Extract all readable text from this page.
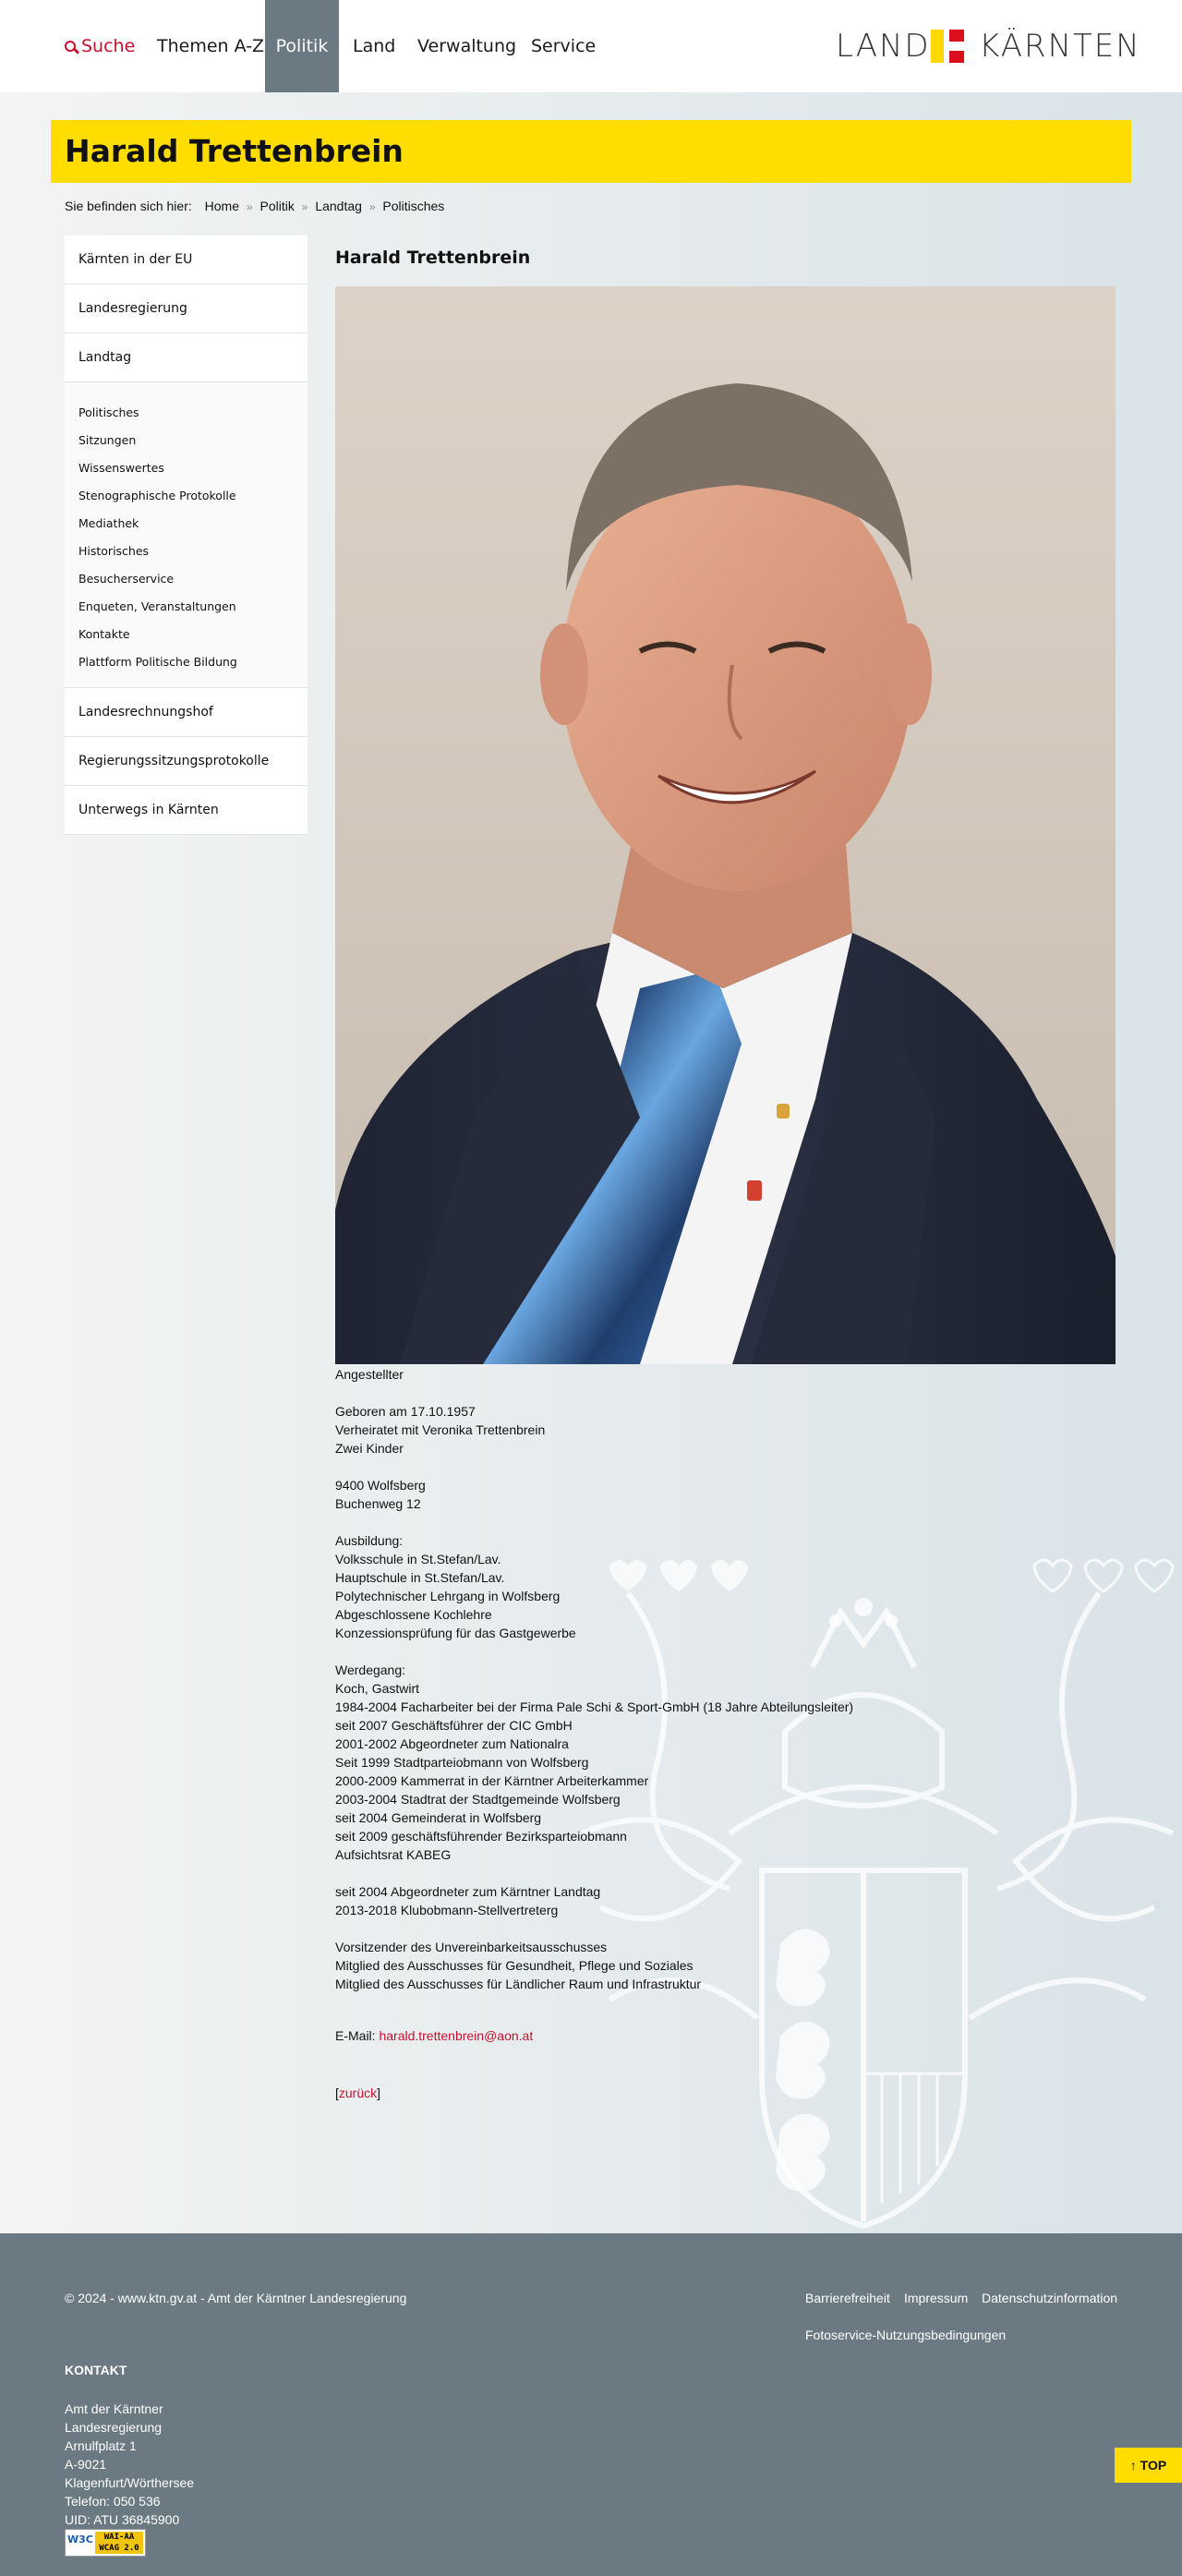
Suche Themen A-Z Politik	Land Verwaltung Service	LAND KÄRNTEN
Harald Trettenbrein
Sie befinden sich hier: Home » Politik » Landtag » Politisches
Kärnten in der EU
Landesregierung
Landtag
Politisches
Sitzungen
Wissenswertes
Stenographische Protokolle
Mediathek
Historisches
Besucherservice
Enqueten, Veranstaltungen
Kontakte
Plattform Politische Bildung
Landesrechnungshof
Regierungssitzungsprotokolle
Unterwegs in Kärnten
Harald Trettenbrein

Angestellter

Geboren am 17.10.1957

Verheiratet mit Veronika Trettenbrein

Zwei Kinder

9400 Wolfsberg

Buchenweg 12

Ausbildung:

Volksschule in St.Stefan/Lav.

Hauptschule in St.Stefan/Lav.

Polytechnischer Lehrgang in Wolfsberg

Abgeschlossene Kochlehre

Konzessionsprüfung für das Gastgewerbe

Werdegang:

Koch, Gastwirt

1984-2004 Facharbeiter bei der Firma Pale Schi & Sport-GmbH (18 Jahre Abteilungsleiter)

seit 2007 Geschäftsführer der CIC GmbH

2001-2002 Abgeordneter zum Nationalra

Seit 1999 Stadtparteiobmann von Wolfsberg

2000-2009 Kammerrat in der Kärntner Arbeiterkammer

2003-2004 Stadtrat der Stadtgemeinde Wolfsberg

seit 2004 Gemeinderat in Wolfsberg

seit 2009 geschäftsführender Bezirksparteiobmann

Aufsichtsrat KABEG

seit 2004 Abgeordneter zum Kärntner Landtag

2013-2018 Klubobmann-Stellvertreterg

Vorsitzender des Unvereinbarkeitsausschusses

Mitglied des Ausschusses für Gesundheit, Pflege und Soziales

Mitglied des Ausschusses für Ländlicher Raum und Infrastruktur

E-Mail: harald.trettenbrein@aon.at
[zurück]
© 2024 - www.ktn.gv.at - Amt der Kärntner Landesregierung	Barrierefreiheit Impressum Datenschutzinformation
Fotoservice-Nutzungsbedingungen
KONTAKT
Amt der Kärntner
Landesregierung
Arnulfplatz 1
A-9021
Klagenfurt/Wörthersee
Telefon: 050 536
UID: ATU 36845900
W3C	WAI-AA
WCAG 2.0
↑ TOP
